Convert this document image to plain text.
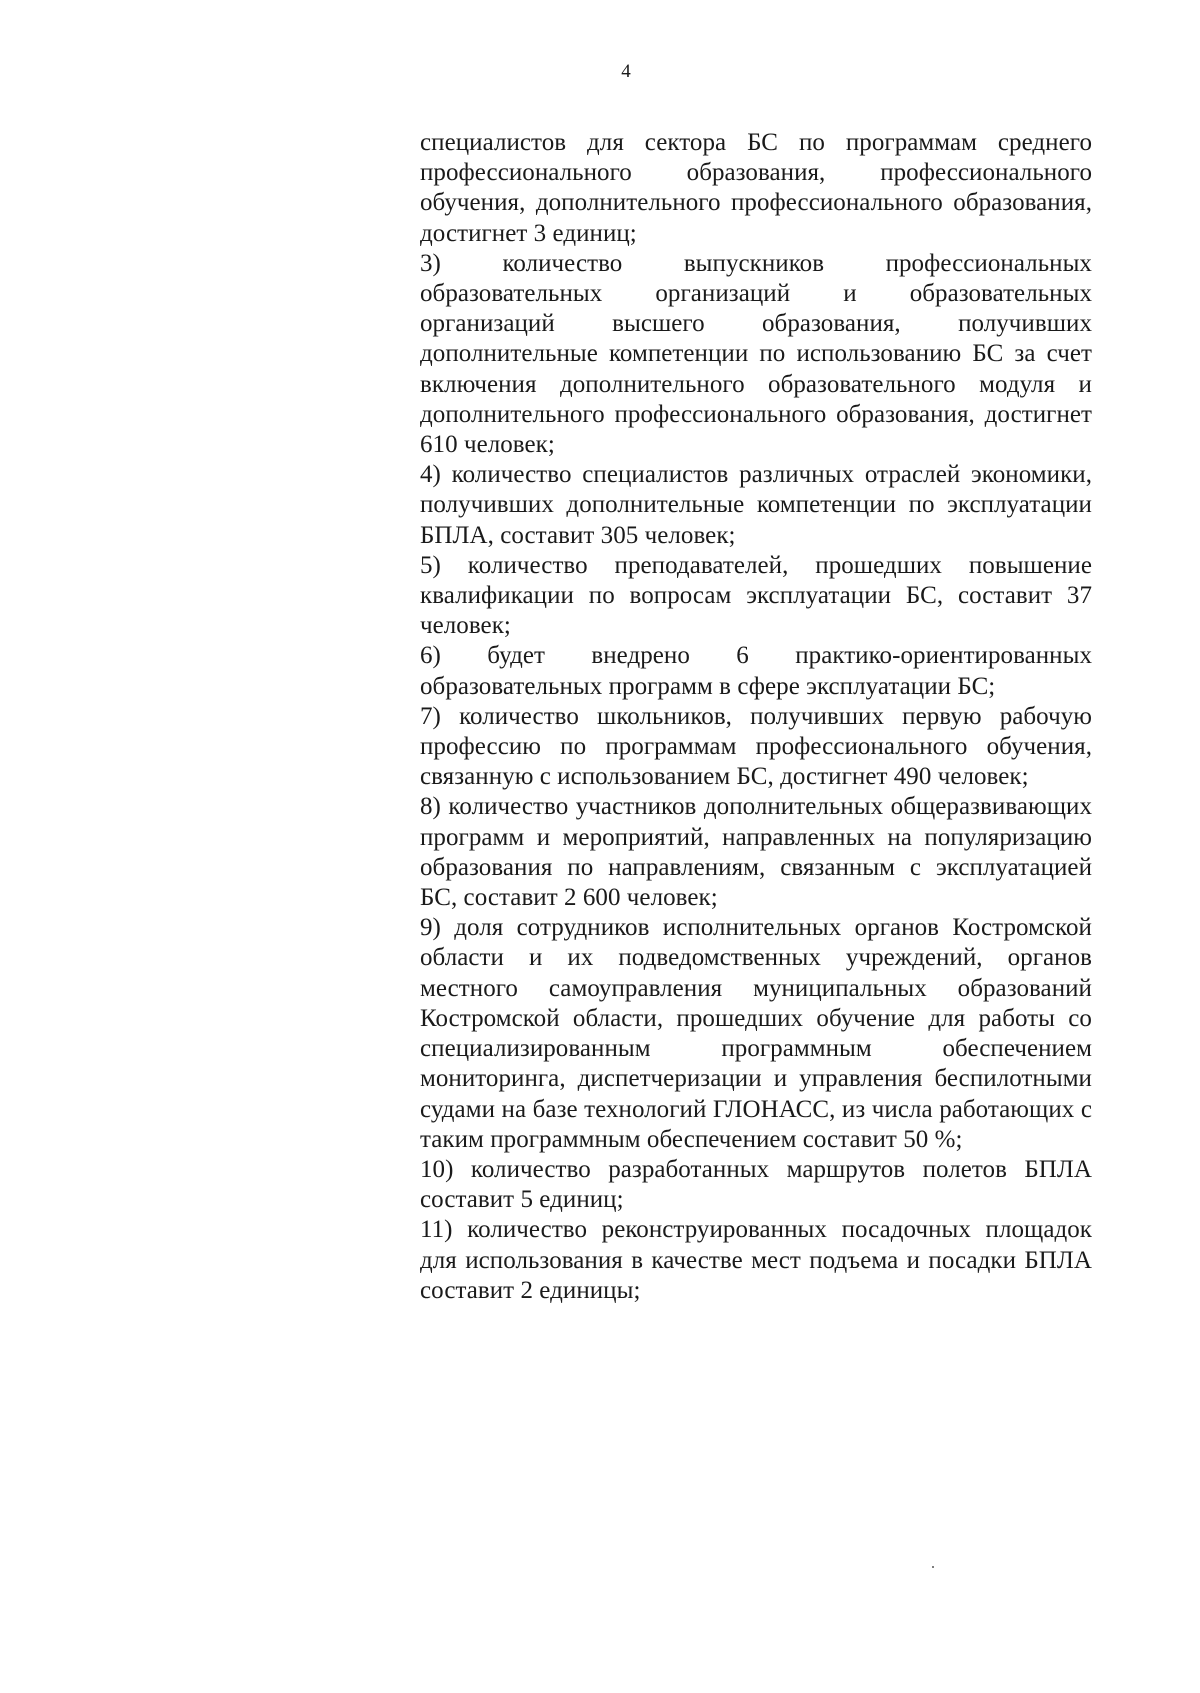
4

специалистов для сектора БС по программам среднего профессионального образования, профессионального обучения, дополнительного профессионального образования, достигнет 3 единиц;

3) количество выпускников профессиональных образовательных организаций и образовательных организаций высшего образования, получивших дополнительные компетенции по использованию БС за счет включения дополнительного образовательного модуля и дополнительного профессионального образования, достигнет 610 человек;

4) количество специалистов различных отраслей экономики, получивших дополнительные компетенции по эксплуатации БПЛА, составит 305 человек;

5) количество преподавателей, прошедших повышение квалификации по вопросам эксплуатации БС, составит 37 человек;

6) будет внедрено 6 практико-ориентированных образовательных программ в сфере эксплуатации БС;

7) количество школьников, получивших первую рабочую профессию по программам профессионального обучения, связанную с использованием БС, достигнет 490 человек;

8) количество участников дополнительных общеразвивающих программ и мероприятий, направленных на популяризацию образования по направлениям, связанным с эксплуатацией БС, составит 2 600 человек;

9) доля сотрудников исполнительных органов Костромской области и их подведомственных учреждений, органов местного самоуправления муниципальных образований Костромской области, прошедших обучение для работы со специализированным программным обеспечением мониторинга, диспетчеризации и управления беспилотными судами на базе технологий ГЛОНАСС, из числа работающих с таким программным обеспечением составит 50 %;

10) количество разработанных маршрутов полетов БПЛА составит 5 единиц;

11) количество реконструированных посадочных площадок для использования в качестве мест подъема и посадки БПЛА составит 2 единицы;
